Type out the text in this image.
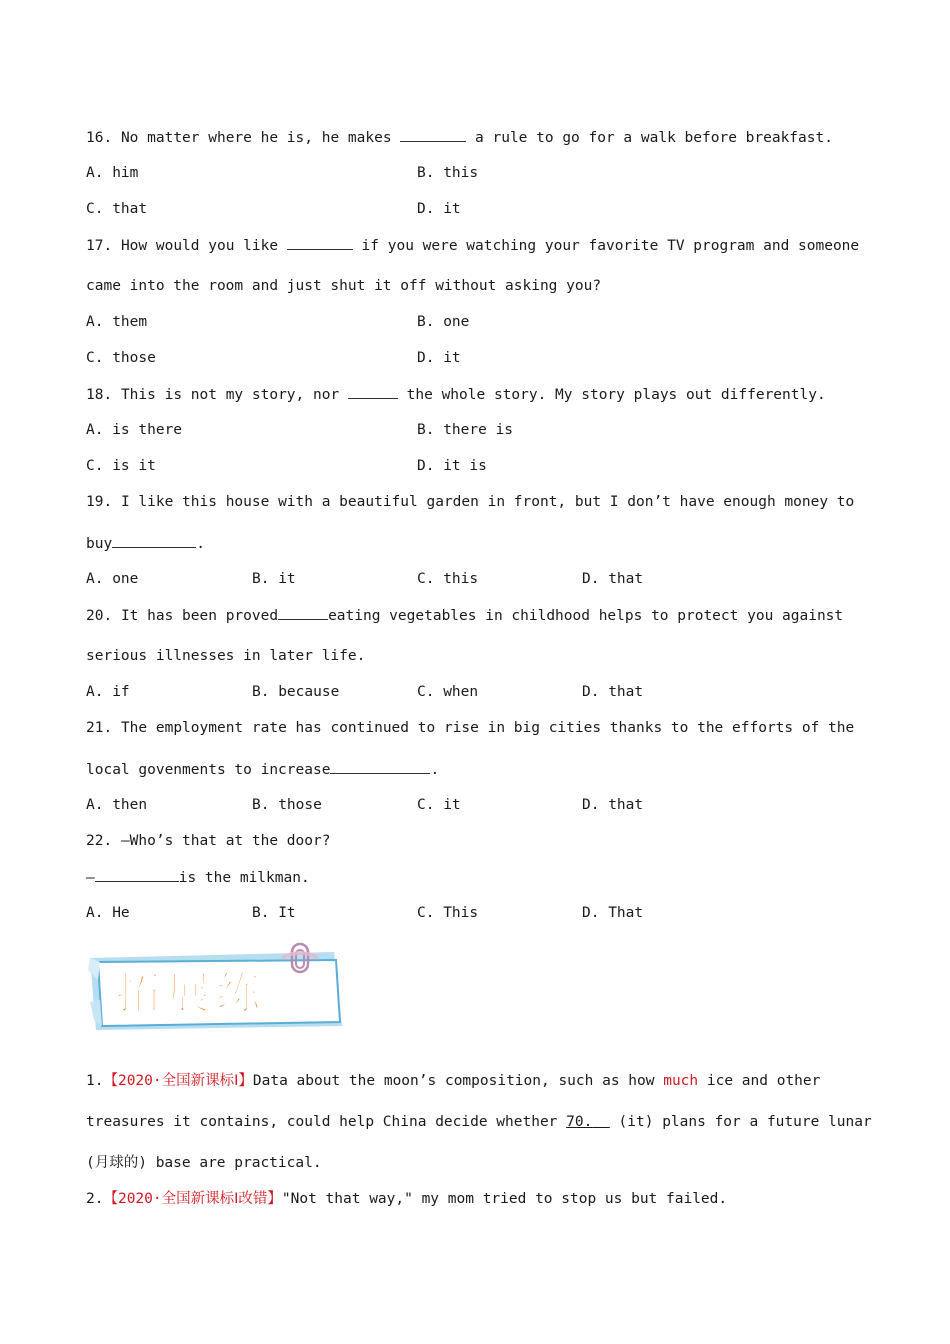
16. No matter where he is, he makes	a rule to go for a walk before breakfast.
A. him	B. this
C. that	D. it
17. How would you like	if you were watching your favorite TV program and someone
came into the room and just shut it off without asking you?
A. them	B. one
C. those	D. it
18. This is not my story, nor	the whole story. My story plays out differently.
A. is there	B. there is
C. is it	D. it is
19. I like this house with a beautiful garden in front, but I don’t have enough money to
buy	.
A. one	B. it	C. this	D. that
20. It has been proved	eating vegetables in childhood helps to protect you against
serious illnesses in later life.
A. if	B. because	C. when	D. that
21. The employment rate has continued to rise in big cities thanks to the efforts of the
local govenments to increase	.
A. then	B. those	C. it	D. that
22. —Who’s that at the door?
—	is the milkman.
A. He	B. It	C. This	D. That
拓展练
1.【2020·全国新课标Ⅰ】Data about the moon’s composition, such as how much ice and other
treasures it contains, could help China decide whether 70.   (it) plans for a future lunar
(月球的) base are practical.
2.【2020·全国新课标Ⅰ改错】"Not that way," my mom tried to stop us but failed.
